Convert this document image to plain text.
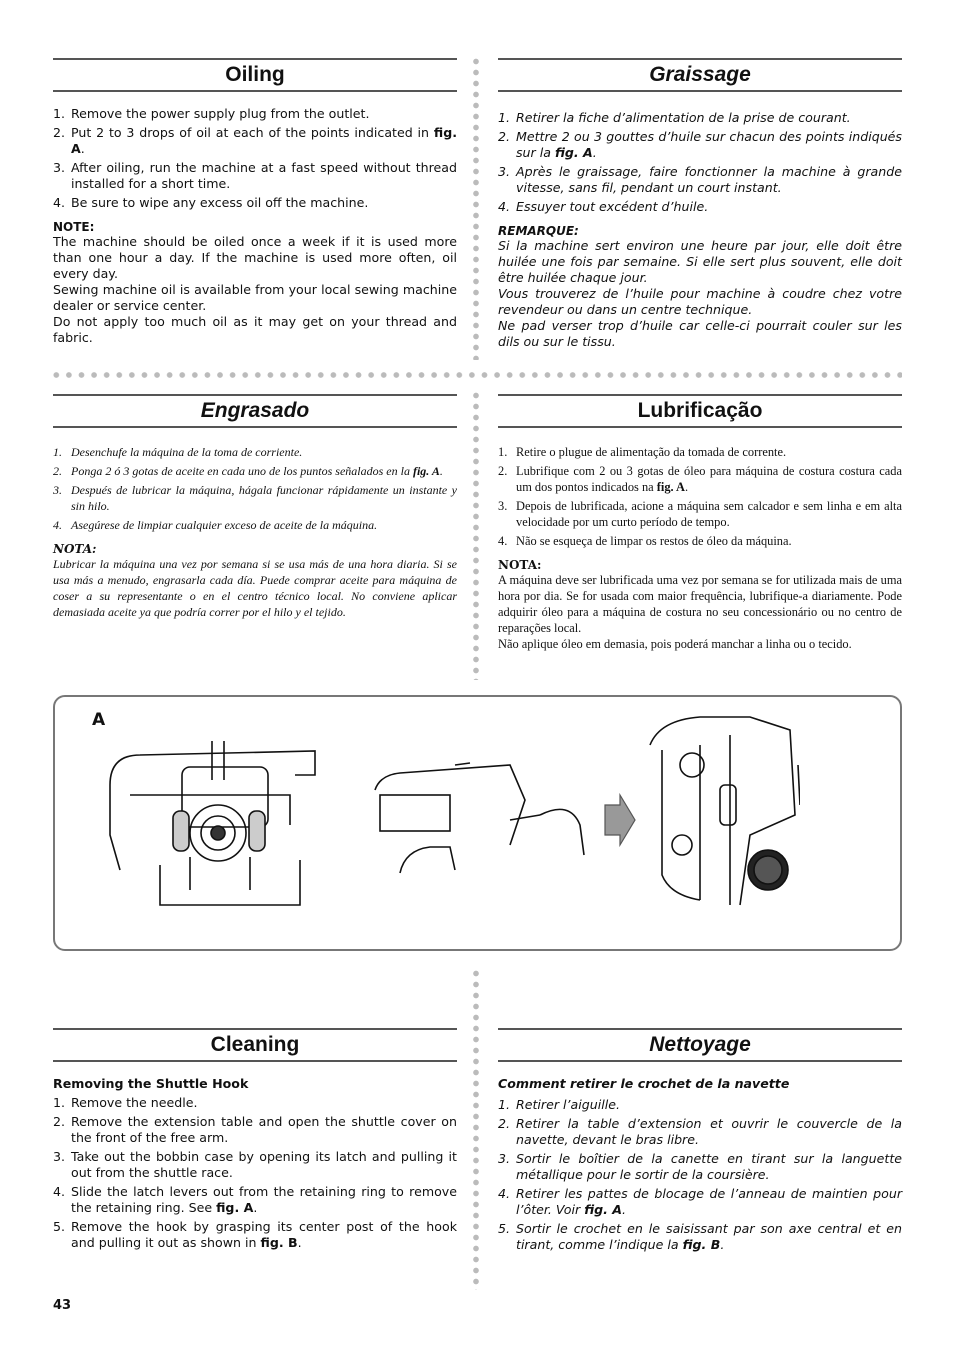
Oiling
1. Remove the power supply plug from the outlet.
2. Put 2 to 3 drops of oil at each of the points indicated in fig. A.
3. After oiling, run the machine at a fast speed without thread installed for a short time.
4. Be sure to wipe any excess oil off the machine.
NOTE:

The machine should be oiled once a week if it is used more than one hour a day. If the machine is used more often, oil every day.

Sewing machine oil is available from your local sewing machine dealer or service center.

Do not apply too much oil as it may get on your thread and fabric.

Graissage
1. Retirer la fiche d’alimentation de la prise de courant.
2. Mettre 2 ou 3 gouttes d’huile sur chacun des points indiqués sur la fig. A.
3. Après le graissage, faire fonctionner la machine à grande vitesse, sans fil, pendant un court instant.
4. Essuyer tout excédent d’huile.
REMARQUE:

Si la machine sert environ une heure par jour, elle doit être huilée une fois par semaine. Si elle sert plus souvent, elle doit être huilée chaque jour.

Vous trouverez de l’huile pour machine à coudre chez votre revendeur ou dans un centre technique.

Ne pad verser trop d’huile car celle-ci pourrait couler sur les dils ou sur le tissu.

Engrasado
1. Desenchufe la máquina de la toma de corriente.
2. Ponga 2 ó 3 gotas de aceite en cada uno de los puntos señalados en la fig. A.
3. Después de lubricar la máquina, hágala funcionar rápidamente un instante y sin hilo.
4. Asegúrese de limpiar cualquier exceso de aceite de la máquina.
NOTA:

Lubricar la máquina una vez por semana si se usa más de una hora diaria. Si se usa más a menudo, engrasarla cada día. Puede comprar aceite para máquina de coser a su representante o en el centro técnico local. No conviene aplicar demasiada aceite ya que podría correr por el hilo y el tejido.

Lubrificação
1. Retire o plugue de alimentação da tomada de corrente.
2. Lubrifique com 2 ou 3 gotas de óleo para máquina de costura costura cada um dos pontos indicados na fig. A.
3. Depois de lubrificada, acione a máquina sem calcador e sem linha e em alta velocidade por um curto período de tempo.
4. Não se esqueça de limpar os restos de óleo da máquina.
NOTA:

A máquina deve ser lubrificada uma vez por semana se for utilizada mais de uma hora por dia. Se for usada com maior frequência, lubrifique-a diariamente. Pode adquirir óleo para a máquina de costura no seu concessionário ou no centro de reparações local.

Não aplique óleo em demasia, pois poderá manchar a linha ou o tecido.

A
Cleaning
Removing the Shuttle Hook
1. Remove the needle.
2. Remove the extension table and open the shuttle cover on the front of the free arm.
3. Take out the bobbin case by opening its latch and pulling it out from the shuttle race.
4. Slide the latch levers out from the retaining ring to remove the retaining ring. See fig. A.
5. Remove the hook by grasping its center post of the hook and pulling it out as shown in fig. B.
Nettoyage
Comment retirer le crochet de la navette
1. Retirer l’aiguille.
2. Retirer la table d’extension et ouvrir le couvercle de la navette, devant le bras libre.
3. Sortir le boîtier de la canette en tirant sur la languette métallique pour le sortir de la coursière.
4. Retirer les pattes de blocage de l’anneau de maintien pour l’ôter. Voir fig. A.
5. Sortir le crochet en le saisissant par son axe central et en tirant, comme l’indique la fig. B.
43
